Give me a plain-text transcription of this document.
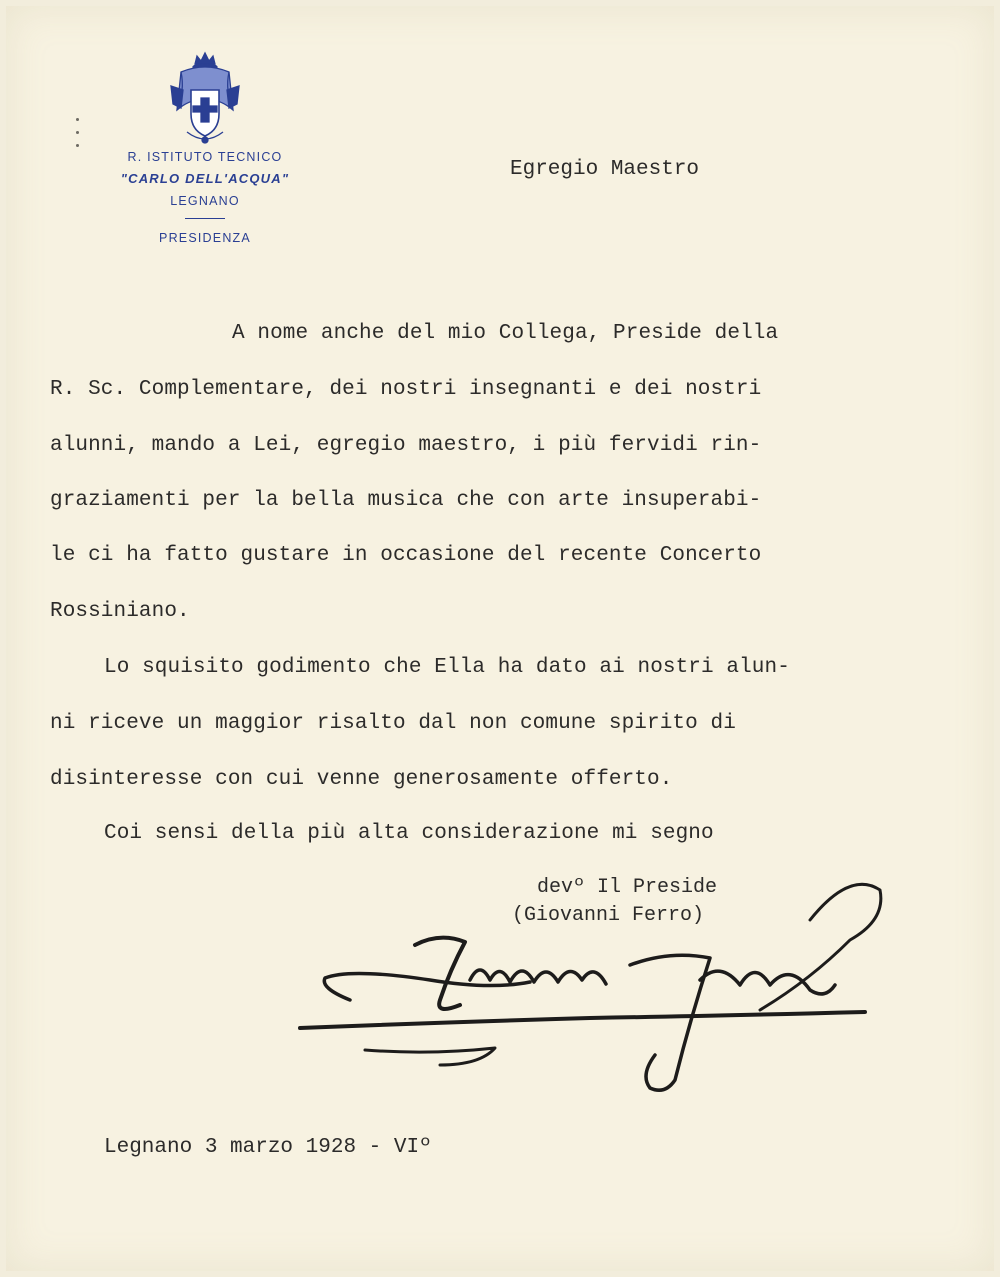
R. ISTITUTO TECNICO
"CARLO DELL'ACQUA"
LEGNANO
PRESIDENZA
Egregio Maestro
A nome anche del mio Collega, Preside della
R. Sc. Complementare, dei nostri insegnanti e dei nostri
alunni, mando a Lei, egregio maestro, i più fervidi rin-
graziamenti per la bella musica che con arte insuperabi-
le ci ha fatto gustare in occasione del recente Concerto
Rossiniano.
Lo squisito godimento che Ella ha dato ai nostri alun-
ni riceve un maggior risalto dal non comune spirito di
disinteresse con cui venne generosamente offerto.
Coi sensi della più alta considerazione mi segno
devº Il Preside
(Giovanni Ferro)
Legnano 3 marzo 1928 - VIº
